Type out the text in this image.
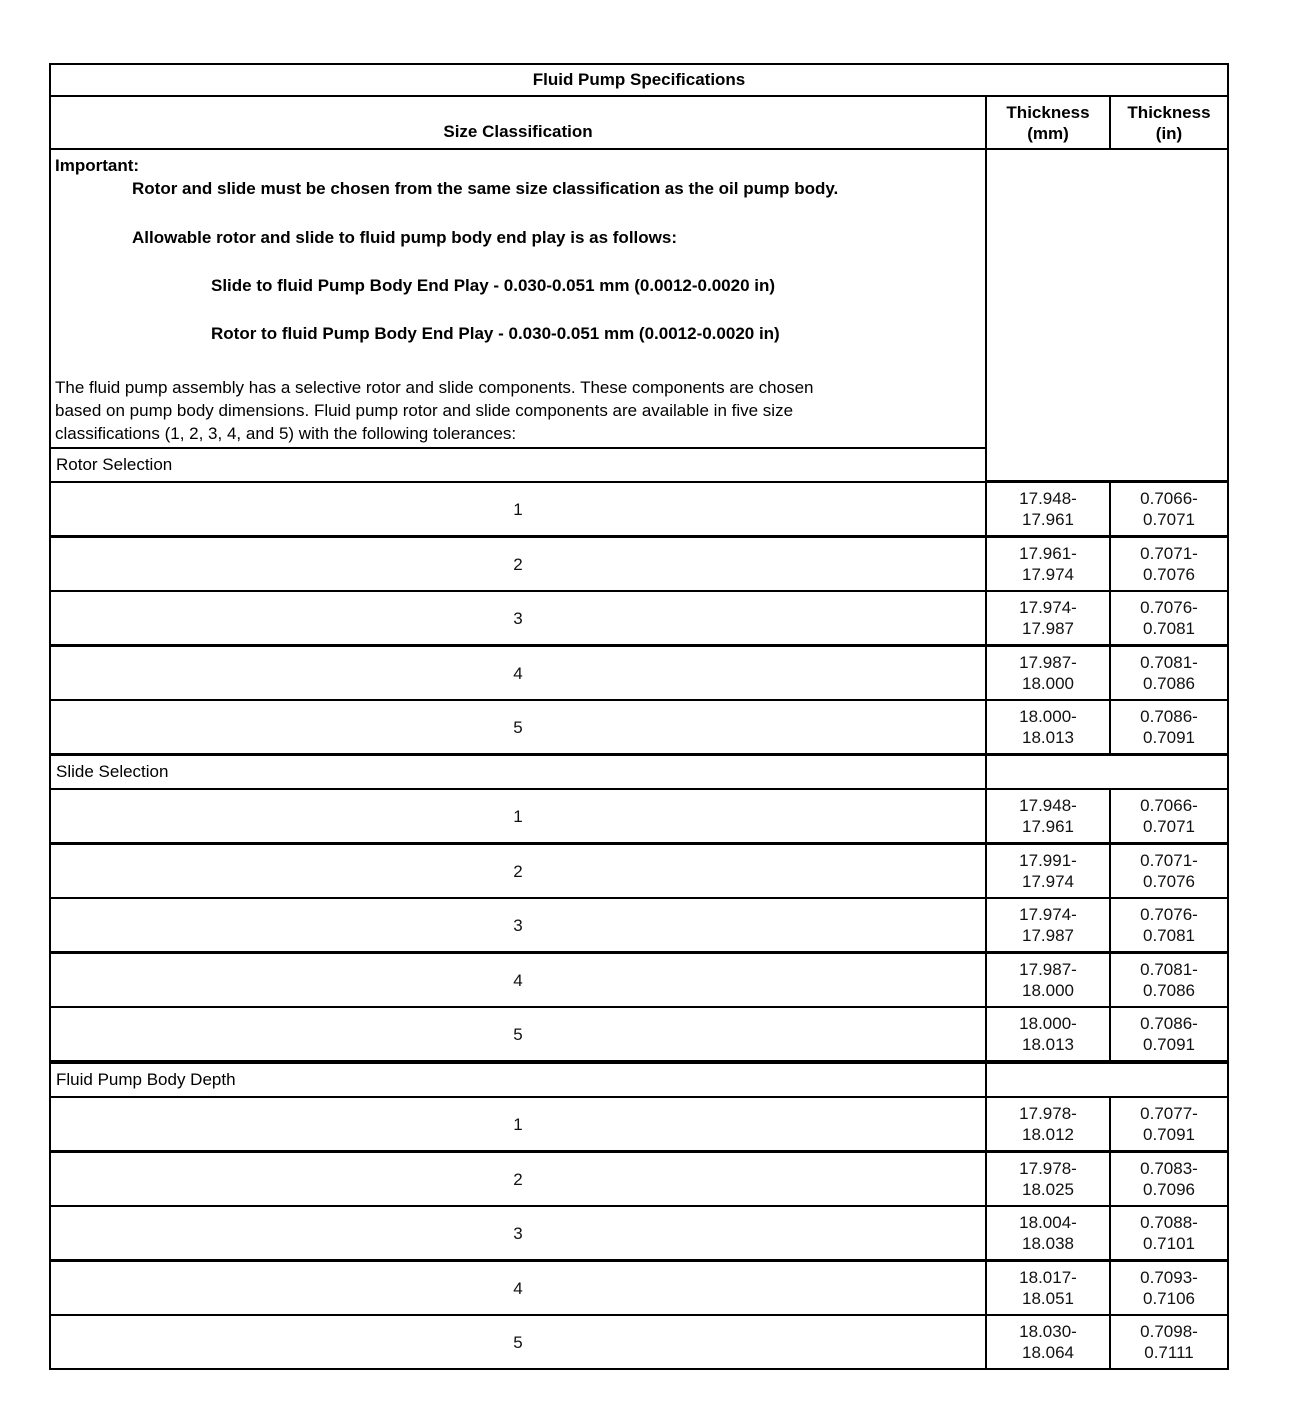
Fluid Pump Specifications
Size Classification
Thickness
(mm)
Thickness
(in)
Important:
Rotor and slide must be chosen from the same size classification as the oil pump body.
Allowable rotor and slide to fluid pump body end play is as follows:
Slide to fluid Pump Body End Play - 0.030-0.051 mm (0.0012-0.0020 in)
Rotor to fluid Pump Body End Play - 0.030-0.051 mm (0.0012-0.0020 in)
The fluid pump assembly has a selective rotor and slide components. These components are chosen
based on pump body dimensions. Fluid pump rotor and slide components are available in five size
classifications (1, 2, 3, 4, and 5) with the following tolerances:
Rotor Selection
1
17.948-
17.961
0.7066-
0.7071
2
17.961-
17.974
0.7071-
0.7076
3
17.974-
17.987
0.7076-
0.7081
4
17.987-
18.000
0.7081-
0.7086
5
18.000-
18.013
0.7086-
0.7091
Slide Selection
1
17.948-
17.961
0.7066-
0.7071
2
17.991-
17.974
0.7071-
0.7076
3
17.974-
17.987
0.7076-
0.7081
4
17.987-
18.000
0.7081-
0.7086
5
18.000-
18.013
0.7086-
0.7091
Fluid Pump Body Depth
1
17.978-
18.012
0.7077-
0.7091
2
17.978-
18.025
0.7083-
0.7096
3
18.004-
18.038
0.7088-
0.7101
4
18.017-
18.051
0.7093-
0.7106
5
18.030-
18.064
0.7098-
0.7111
